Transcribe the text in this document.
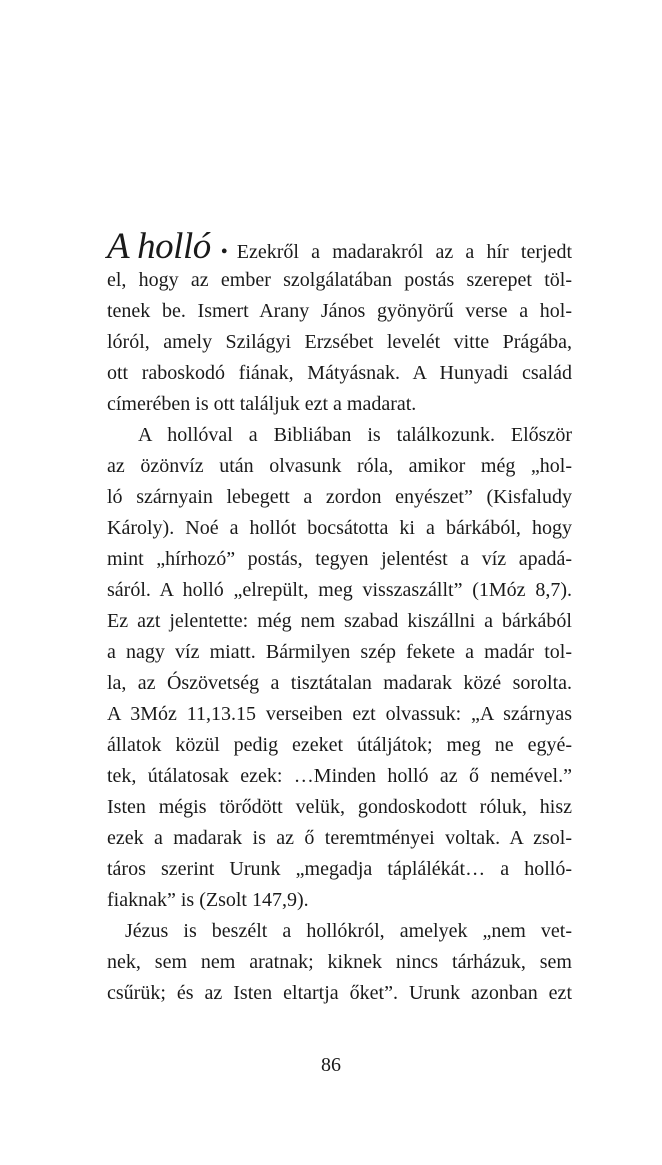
A holló • Ezekről a madarakról az a hír terjedt
el, hogy az ember szolgálatában postás szerepet töl-
tenek be. Ismert Arany János gyönyörű verse a hol-
lóról, amely Szilágyi Erzsébet levelét vitte Prágába,
ott raboskodó fiának, Mátyásnak. A Hunyadi család
címerében is ott találjuk ezt a madarat.
A hollóval a Bibliában is találkozunk. Először
az özönvíz után olvasunk róla, amikor még „hol-
ló szárnyain lebegett a zordon enyészet” (Kisfaludy
Károly). Noé a hollót bocsátotta ki a bárkából, hogy
mint „hírhozó” postás, tegyen jelentést a víz apadá-
sáról. A holló „elrepült, meg visszaszállt” (1Móz 8,7).
Ez azt jelentette: még nem szabad kiszállni a bárkából
a nagy víz miatt. Bármilyen szép fekete a madár tol-
la, az Ószövetség a tisztátalan madarak közé sorolta.
A 3Móz 11,13.15 verseiben ezt olvassuk: „A szárnyas
állatok közül pedig ezeket útáljátok; meg ne egyé-
tek, útálatosak ezek: …Minden holló az ő nemével.”
Isten mégis törődött velük, gondoskodott róluk, hisz
ezek a madarak is az ő teremtményei voltak. A zsol-
táros szerint Urunk „megadja táplálékát… a holló-
fiaknak” is (Zsolt 147,9).
Jézus is beszélt a hollókról, amelyek „nem vet-
nek, sem nem aratnak; kiknek nincs tárházuk, sem
csűrük; és az Isten eltartja őket”. Urunk azonban ezt
86
